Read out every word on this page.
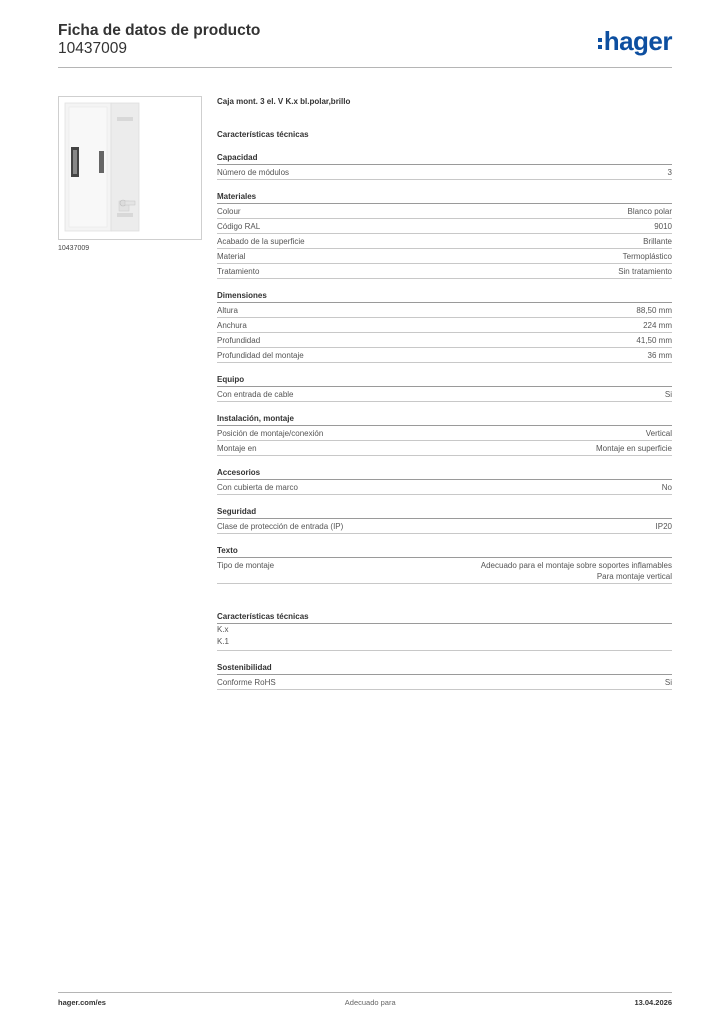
Ficha de datos de producto
10437009	hager
10437009
Caja mont. 3 el. V K.x bl.polar,brillo
Características técnicas
Capacidad
Número de módulos	3
Materiales
Colour	Blanco polar
Código RAL	9010
Acabado de la superficie	Brillante
Material	Termoplástico
Tratamiento	Sin tratamiento
Dimensiones
Altura	88,50 mm
Anchura	224 mm
Profundidad	41,50 mm
Profundidad del montaje	36 mm
Equipo
Con entrada de cable	Si
Instalación, montaje
Posición de montaje/conexión	Vertical
Montaje en	Montaje en superficie
Accesorios
Con cubierta de marco	No
Seguridad
Clase de protección de entrada (IP)	IP20
Texto
Tipo de montaje	Adecuado para el montaje sobre soportes inflamables
Para montaje vertical
Características técnicas
K.x
K.1
Sostenibilidad
Conforme RoHS	Si
hager.com/es	Adecuado para	13.04.2026
